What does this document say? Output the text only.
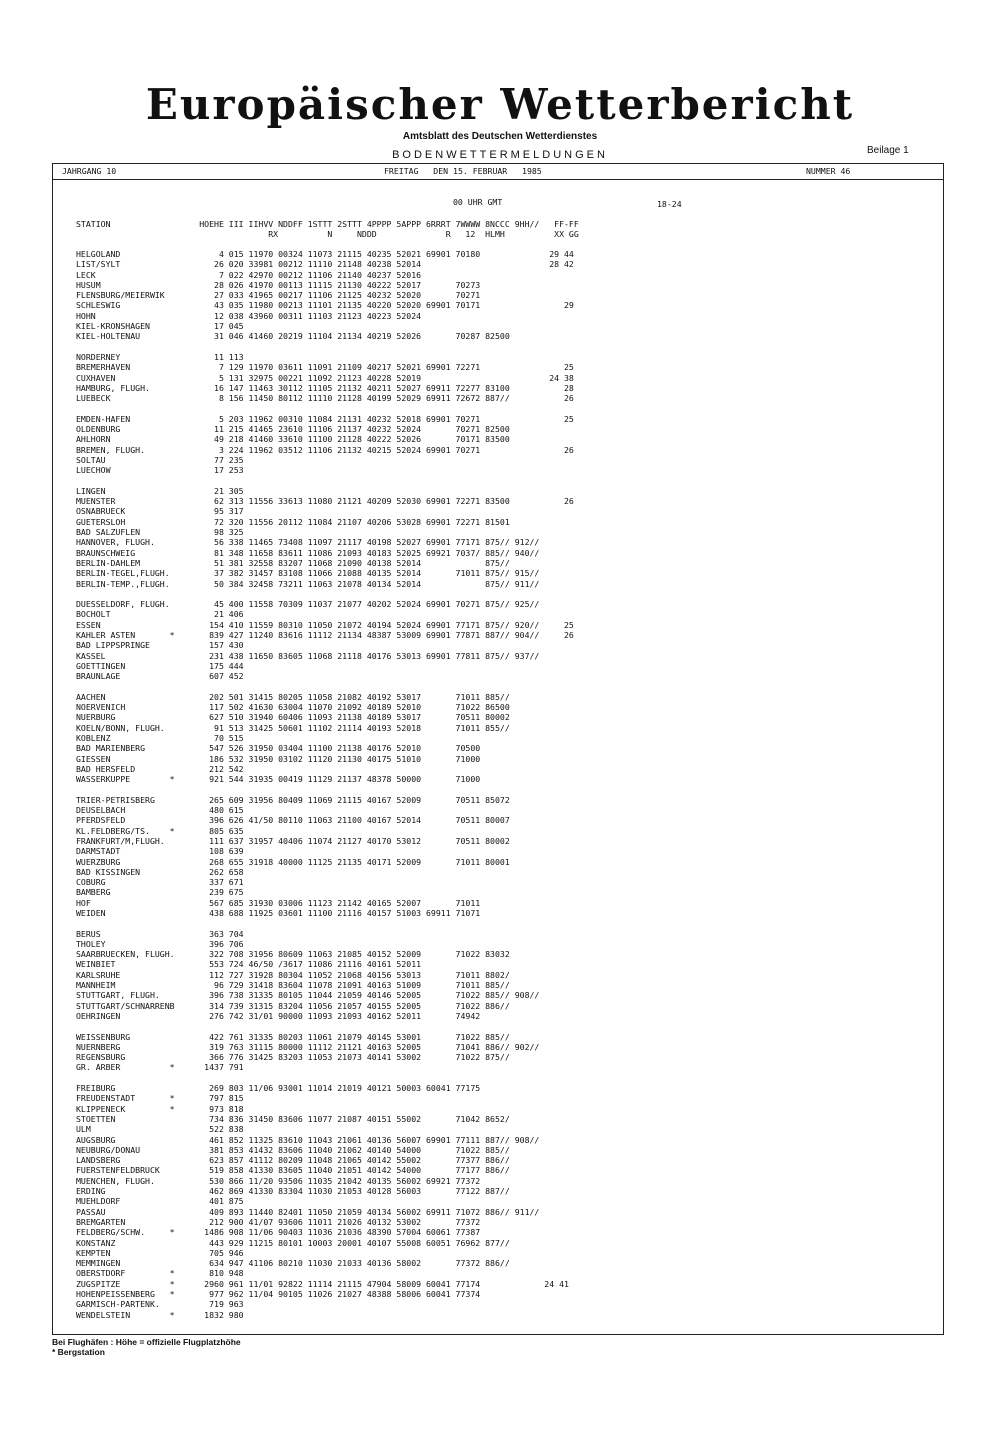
Europäischer Wetterbericht
Amtsblatt des Deutschen Wetterdienstes
Beilage 1
BODENWETTERMELDUNGEN
JAHRGANG 10	FREITAG   DEN 15. FEBRUAR   1985	NUMMER 46
00 UHR GMT	18-24
STATION                  HOEHE III IIHVV NDDFF 1STTT 2STTT 4PPPP 5APPP 6RRRT 7WWWW 8NCCC 9HH//   FF-FF
RX          N     NDDD              R   12  HLMH          XX GG
HELGOLAND                    4 015 11970 00324 11073 21115 40235 52021 69901 70180              29 44
LIST/SYLT                   26 020 33981 00212 11110 21148 40238 52014                          28 42
LECK                         7 022 42970 00212 11106 21140 40237 52016
HUSUM                       28 026 41970 00113 11115 21130 40222 52017       70273
FLENSBURG/MEIERWIK          27 033 41965 00217 11106 21125 40232 52020       70271
SCHLESWIG                   43 035 11980 00213 11101 21135 40220 52020 69901 70171                 29
HOHN                        12 038 43960 00311 11103 21123 40223 52024
KIEL-KRONSHAGEN             17 045
KIEL-HOLTENAU               31 046 41460 20219 11104 21134 40219 52026       70287 82500
NORDERNEY                   11 113
BREMERHAVEN                  7 129 11970 03611 11091 21109 40217 52021 69901 72271                 25
CUXHAVEN                     5 131 32975 00221 11092 21123 40228 52019                          24 38
HAMBURG, FLUGH.             16 147 11463 30112 11105 21132 40211 52027 69911 72277 83100           28
LUEBECK                      8 156 11450 80112 11110 21128 40199 52029 69911 72672 887//           26
EMDEN-HAFEN                  5 203 11962 00310 11084 21131 40232 52018 69901 70271                 25
OLDENBURG                   11 215 41465 23610 11106 21137 40232 52024       70271 82500
AHLHORN                     49 218 41460 33610 11100 21128 40222 52026       70171 83500
BREMEN, FLUGH.               3 224 11962 03512 11106 21132 40215 52024 69901 70271                 26
SOLTAU                      77 235
LUECHOW                     17 253
LINGEN                      21 305
MUENSTER                    62 313 11556 33613 11080 21121 40209 52030 69901 72271 83500           26
OSNABRUECK                  95 317
GUETERSLOH                  72 320 11556 20112 11084 21107 40206 53028 69901 72271 81501
BAD SALZUFLEN               98 325
HANNOVER, FLUGH.            56 338 11465 73408 11097 21117 40198 52027 69901 77171 875// 912//
BRAUNSCHWEIG                81 348 11658 83611 11086 21093 40183 52025 69921 7037/ 885// 940//
BERLIN-DAHLEM               51 381 32558 83207 11068 21090 40138 52014             875//
BERLIN-TEGEL,FLUGH.         37 382 31457 83108 11066 21088 40135 52014       71011 875// 915//
BERLIN-TEMP.,FLUGH.         50 384 32458 73211 11063 21078 40134 52014             875// 911//
DUESSELDORF, FLUGH.         45 400 11558 70309 11037 21077 40202 52024 69901 70271 875// 925//
BOCHOLT                     21 406
ESSEN                      154 410 11559 80310 11050 21072 40194 52024 69901 77171 875// 920//     25
KAHLER ASTEN       *       839 427 11240 83616 11112 21134 48387 53009 69901 77871 887// 904//     26
BAD LIPPSPRINGE            157 430
KASSEL                     231 438 11650 83605 11068 21118 40176 53013 69901 77811 875// 937//
GOETTINGEN                 175 444
BRAUNLAGE                  607 452
AACHEN                     202 501 31415 80205 11058 21082 40192 53017       71011 885//
NOERVENICH                 117 502 41630 63004 11070 21092 40189 52010       71022 86500
NUERBURG                   627 510 31940 60406 11093 21138 40189 53017       70511 80002
KOELN/BONN, FLUGH.          91 513 31425 50601 11102 21114 40193 52018       71011 855//
KOBLENZ                     70 515
BAD MARIENBERG             547 526 31950 03404 11100 21138 40176 52010       70500
GIESSEN                    186 532 31950 03102 11120 21130 40175 51010       71000
BAD HERSFELD               212 542
WASSERKUPPE        *       921 544 31935 00419 11129 21137 48378 50000       71000
TRIER-PETRISBERG           265 609 31956 80409 11069 21115 40167 52009       70511 85072
DEUSELBACH                 480 615
PFERDSFELD                 396 626 41/50 80110 11063 21100 40167 52014       70511 80007
KL.FELDBERG/TS.    *       805 635
FRANKFURT/M,FLUGH.         111 637 31957 40406 11074 21127 40170 53012       70511 80002
DARMSTADT                  108 639
WUERZBURG                  268 655 31918 40000 11125 21135 40171 52009       71011 80001
BAD KISSINGEN              262 658
COBURG                     337 671
BAMBERG                    239 675
HOF                        567 685 31930 03006 11123 21142 40165 52007       71011
WEIDEN                     438 688 11925 03601 11100 21116 40157 51003 69911 71071
BERUS                      363 704
THOLEY                     396 706
SAARBRUECKEN, FLUGH.       322 708 31956 80609 11063 21085 40152 52009       71022 83032
WEINBIET                   553 724 46/50 /3617 11086 21116 40161 52011
KARLSRUHE                  112 727 31928 80304 11052 21068 40156 53013       71011 8802/
MANNHEIM                    96 729 31418 83604 11078 21091 40163 51009       71011 885//
STUTTGART, FLUGH.          396 738 31335 80105 11044 21059 40146 52005       71022 885// 908//
STUTTGART/SCHNARRENB       314 739 31315 83204 11056 21057 40155 52005       71022 886//
OEHRINGEN                  276 742 31/01 90000 11093 21093 40162 52011       74942
WEISSENBURG                422 761 31335 80203 11061 21079 40145 53001       71022 885//
NUERNBERG                  319 763 31115 80000 11112 21121 40163 52005       71041 886// 902//
REGENSBURG                 366 776 31425 83203 11053 21073 40141 53002       71022 875//
GR. ARBER          *      1437 791
FREIBURG                   269 803 11/06 93001 11014 21019 40121 50003 60041 77175
FREUDENSTADT       *       797 815
KLIPPENECK         *       973 818
STOETTEN                   734 836 31450 83606 11077 21087 40151 55002       71042 8652/
ULM                        522 838
AUGSBURG                   461 852 11325 83610 11043 21061 40136 56007 69901 77111 887// 908//
NEUBURG/DONAU              381 853 41432 83606 11040 21062 40140 54000       71022 885//
LANDSBERG                  623 857 41112 80209 11048 21065 40142 55002       77377 886//
FUERSTENFELDBRUCK          519 858 41330 83605 11040 21051 40142 54000       77177 886//
MUENCHEN, FLUGH.           530 866 11/20 93506 11035 21042 40135 56002 69921 77372
ERDING                     462 869 41330 83304 11030 21053 40128 56003       77122 887//
MUEHLDORF                  401 875
PASSAU                     409 893 11440 82401 11050 21059 40134 56002 69911 71072 886// 911//
BREMGARTEN                 212 900 41/07 93606 11011 21026 40132 53002       77372
FELDBERG/SCHW.     *      1486 908 11/06 90403 11036 21036 48390 57004 60061 77387
KONSTANZ                   443 929 11215 80101 10003 20001 40107 55008 60051 76962 877//
KEMPTEN                    705 946
MEMMINGEN                  634 947 41106 80210 11030 21033 40136 58002       77372 886//
OBERSTDORF         *       810 948
ZUGSPITZE          *      2960 961 11/01 92822 11114 21115 47904 58009 60041 77174             24 41
HOHENPEISSENBERG   *       977 962 11/04 90105 11026 21027 48388 58006 60041 77374
GARMISCH-PARTENK.          719 963
WENDELSTEIN        *      1832 980
Bei Flughäfen : Höhe = offizielle Flugplatzhöhe
* Bergstation
